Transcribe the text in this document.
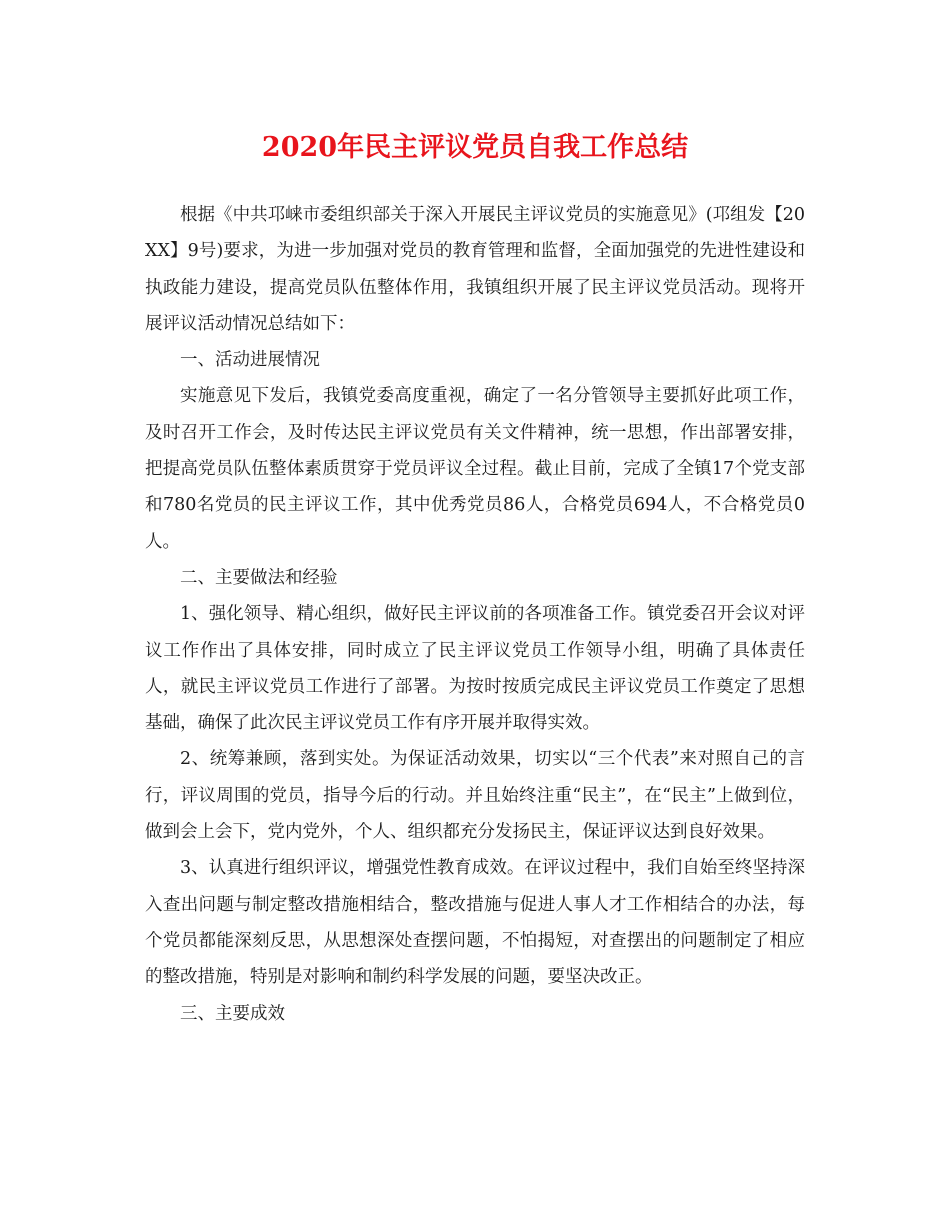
2020年民主评议党员自我工作总结

根据《中共邛崃市委组织部关于深入开展民主评议党员的实施意见》(邛组发【20XX】9号)要求，为进一步加强对党员的教育管理和监督，全面加强党的先进性建设和执政能力建设，提高党员队伍整体作用，我镇组织开展了民主评议党员活动。现将开展评议活动情况总结如下：

一、活动进展情况

实施意见下发后，我镇党委高度重视，确定了一名分管领导主要抓好此项工作，及时召开工作会，及时传达民主评议党员有关文件精神，统一思想，作出部署安排，把提高党员队伍整体素质贯穿于党员评议全过程。截止目前，完成了全镇17个党支部和780名党员的民主评议工作，其中优秀党员86人，合格党员694人，不合格党员0人。

二、主要做法和经验

1、强化领导、精心组织，做好民主评议前的各项准备工作。镇党委召开会议对评议工作作出了具体安排，同时成立了民主评议党员工作领导小组，明确了具体责任人，就民主评议党员工作进行了部署。为按时按质完成民主评议党员工作奠定了思想基础，确保了此次民主评议党员工作有序开展并取得实效。

2、统筹兼顾，落到实处。为保证活动效果，切实以“三个代表”来对照自己的言行，评议周围的党员，指导今后的行动。并且始终注重“民主”，在“民主”上做到位，做到会上会下，党内党外，个人、组织都充分发扬民主，保证评议达到良好效果。

3、认真进行组织评议，增强党性教育成效。在评议过程中，我们自始至终坚持深入查出问题与制定整改措施相结合，整改措施与促进人事人才工作相结合的办法，每个党员都能深刻反思，从思想深处查摆问题，不怕揭短，对查摆出的问题制定了相应的整改措施，特别是对影响和制约科学发展的问题，要坚决改正。

三、主要成效
